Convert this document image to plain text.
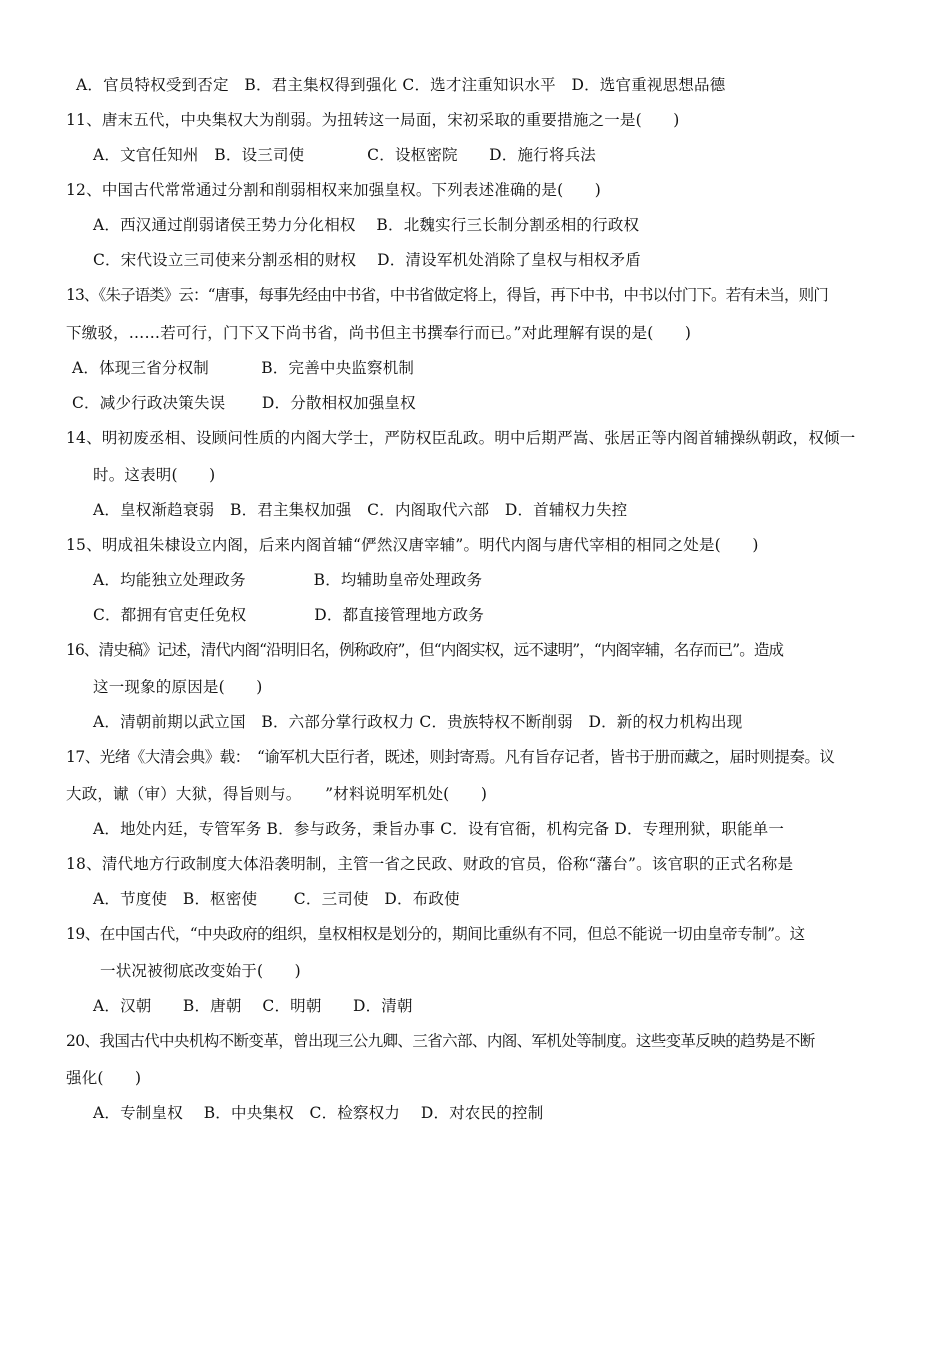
A．官员特权受到否定　B．君主集权得到强化 C．选才注重知识水平　D．选官重视思想品德
11、唐末五代，中央集权大为削弱。为扭转这一局面，宋初采取的重要措施之一是(　　)
A．文官任知州　B．设三司使　　　　C．设枢密院　　D．施行将兵法
12、中国古代常常通过分割和削弱相权来加强皇权。下列表述准确的是(　　)
A．西汉通过削弱诸侯王势力分化相权　 B．北魏实行三长制分割丞相的行政权
C．宋代设立三司使来分割丞相的财权　 D．清设军机处消除了皇权与相权矛盾
13、《朱子语类》云：“唐事，每事先经由中书省，中书省做定将上，得旨，再下中书，中书以付门下。若有未当，则门
下缴驳，……若可行，门下又下尚书省，尚书但主书撰奉行而已。”对此理解有误的是(　　)
A．体现三省分权制　　　 B．完善中央监察机制
C．减少行政决策失误　　 D．分散相权加强皇权
14、明初废丞相、设顾问性质的内阁大学士，严防权臣乱政。明中后期严嵩、张居正等内阁首辅操纵朝政，权倾一
时。这表明(　　)
A．皇权渐趋衰弱　B．君主集权加强　C．内阁取代六部　D．首辅权力失控
15、明成祖朱棣设立内阁，后来内阁首辅“俨然汉唐宰辅”。明代内阁与唐代宰相的相同之处是(　　)
A．均能独立处理政务　　　　 B．均辅助皇帝处理政务
C．都拥有官吏任免权　　　　 D．都直接管理地方政务
16、清史稿》记述，清代内阁“沿明旧名，例称政府”，但“内阁实权，远不逮明”，“内阁宰辅，名存而已”。造成
这一现象的原因是(　　)
A．清朝前期以武立国　B．六部分掌行政权力 C．贵族特权不断削弱　D．新的权力机构出现
17、光绪《大清会典》载：　“谕军机大臣行者，既述，则封寄焉。凡有旨存记者，皆书于册而藏之，届时则提奏。议
大政，谳（审）大狱，得旨则与。　　”材料说明军机处(　　)
A．地处内廷，专管军务 B．参与政务，秉旨办事 C．设有官衙，机构完备 D．专理刑狱，职能单一
18、清代地方行政制度大体沿袭明制，主管一省之民政、财政的官员，俗称“藩台”。该官职的正式名称是
A．节度使　B．枢密使　　 C．三司使　D．布政使
19、在中国古代，“中央政府的组织，皇权相权是划分的，期间比重纵有不同，但总不能说一切由皇帝专制”。这
一状况被彻底改变始于(　　)
A．汉朝　　B．唐朝　 C．明朝　　D．清朝
20、我国古代中央机构不断变革，曾出现三公九卿、三省六部、内阁、军机处等制度。这些变革反映的趋势是不断
强化(　　)
A．专制皇权　 B．中央集权　C．检察权力　 D．对农民的控制
